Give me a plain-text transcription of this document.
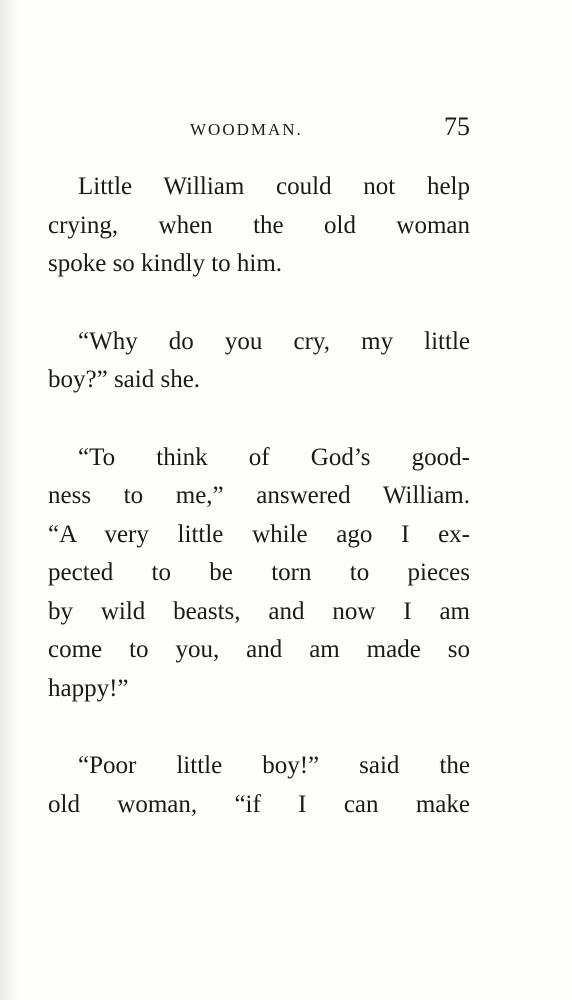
WOODMAN.	75

Little William could not help
crying, when the old woman
spoke so kindly to him.

“Why do you cry, my little
boy?” said she.

“To think of God’s good-
ness to me,” answered William.
“A very little while ago I ex-
pected to be torn to pieces
by wild beasts, and now I am
come to you, and am made so
happy!”

“Poor little boy!” said the
old woman, “if I can make
